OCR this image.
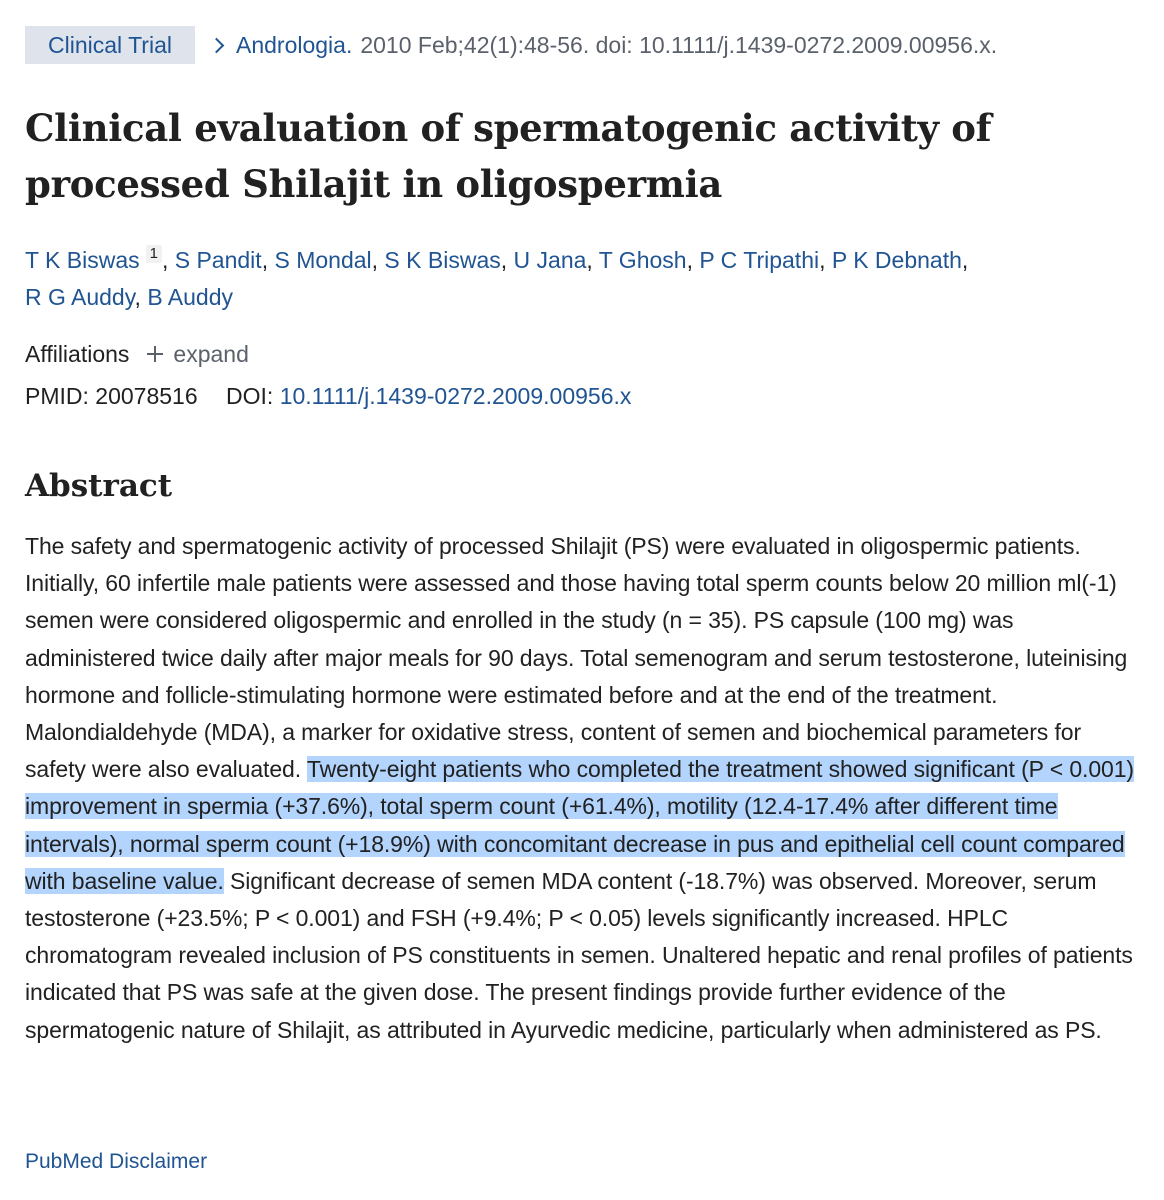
Clinical Trial	Andrologia. 2010 Feb;42(1):48-56. doi: 10.1111/j.1439-0272.2009.00956.x.
Clinical evaluation of spermatogenic activity of processed Shilajit in oligospermia
T K Biswas 1 , S Pandit, S Mondal, S K Biswas, U Jana, T Ghosh, P C Tripathi, P K Debnath,
R G Auddy, B Auddy
Affiliations expand
PMID: 20078516 DOI: 10.1111/j.1439-0272.2009.00956.x
Abstract

The safety and spermatogenic activity of processed Shilajit (PS) were evaluated in oligospermic patients. Initially, 60 infertile male patients were assessed and those having total sperm counts below 20 million ml(-1) semen were considered oligospermic and enrolled in the study (n = 35). PS capsule (100 mg) was administered twice daily after major meals for 90 days. Total semenogram and serum testosterone, luteinising hormone and follicle-stimulating hormone were estimated before and at the end of the treatment. Malondialdehyde (MDA), a marker for oxidative stress, content of semen and biochemical parameters for safety were also evaluated. Twenty-eight patients who completed the treatment showed significant (P < 0.001) improvement in spermia (+37.6%), total sperm count (+61.4%), motility (12.4-17.4% after different time intervals), normal sperm count (+18.9%) with concomitant decrease in pus and epithelial cell count compared with baseline value. Significant decrease of semen MDA content (-18.7%) was observed. Moreover, serum testosterone (+23.5%; P < 0.001) and FSH (+9.4%; P < 0.05) levels significantly increased. HPLC chromatogram revealed inclusion of PS constituents in semen. Unaltered hepatic and renal profiles of patients indicated that PS was safe at the given dose. The present findings provide further evidence of the spermatogenic nature of Shilajit, as attributed in Ayurvedic medicine, particularly when administered as PS.

PubMed Disclaimer
